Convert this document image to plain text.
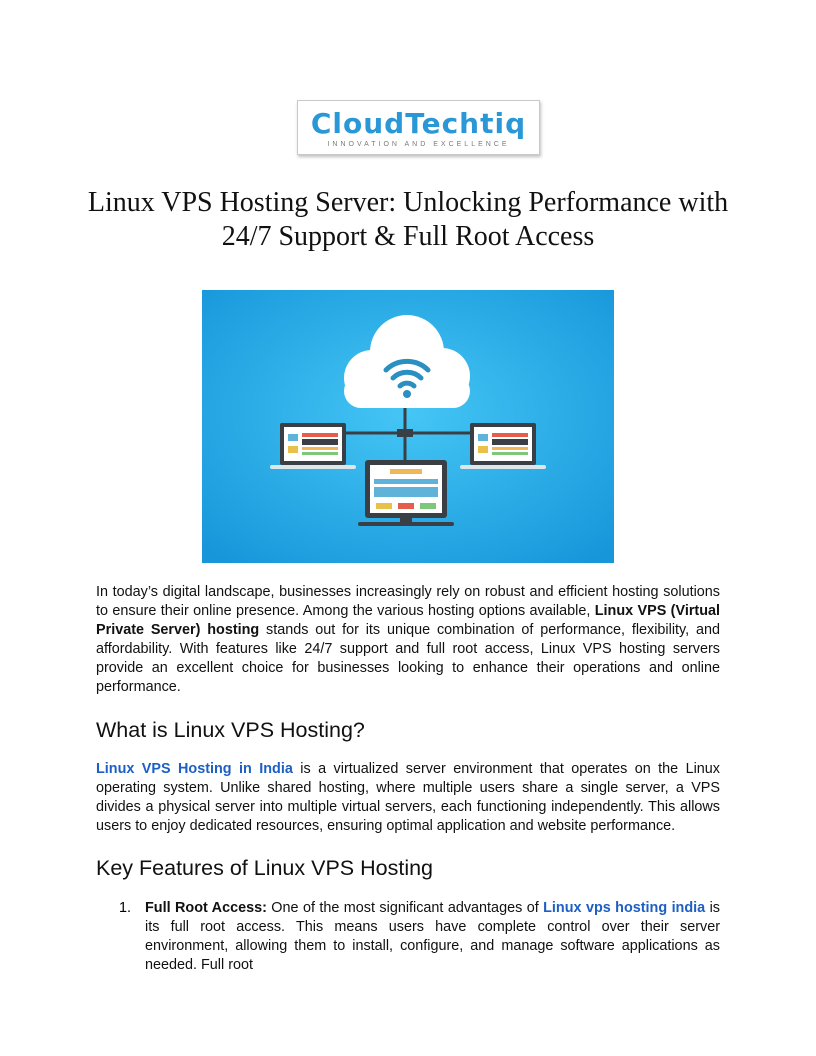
CloudTechtiq
INNOVATION AND EXCELLENCE
Linux VPS Hosting Server: Unlocking Performance with 24/7 Support & Full Root Access

In today’s digital landscape, businesses increasingly rely on robust and efficient hosting solutions to ensure their online presence. Among the various hosting options available, Linux VPS (Virtual Private Server) hosting stands out for its unique combination of performance, flexibility, and affordability. With features like 24/7 support and full root access, Linux VPS hosting servers provide an excellent choice for businesses looking to enhance their operations and online performance.

What is Linux VPS Hosting?

Linux VPS Hosting in India is a virtualized server environment that operates on the Linux operating system. Unlike shared hosting, where multiple users share a single server, a VPS divides a physical server into multiple virtual servers, each functioning independently. This allows users to enjoy dedicated resources, ensuring optimal application and website performance.

Key Features of Linux VPS Hosting
1. Full Root Access: One of the most significant advantages of Linux vps hosting india is its full root access. This means users have complete control over their server environment, allowing them to install, configure, and manage software applications as needed. Full root
